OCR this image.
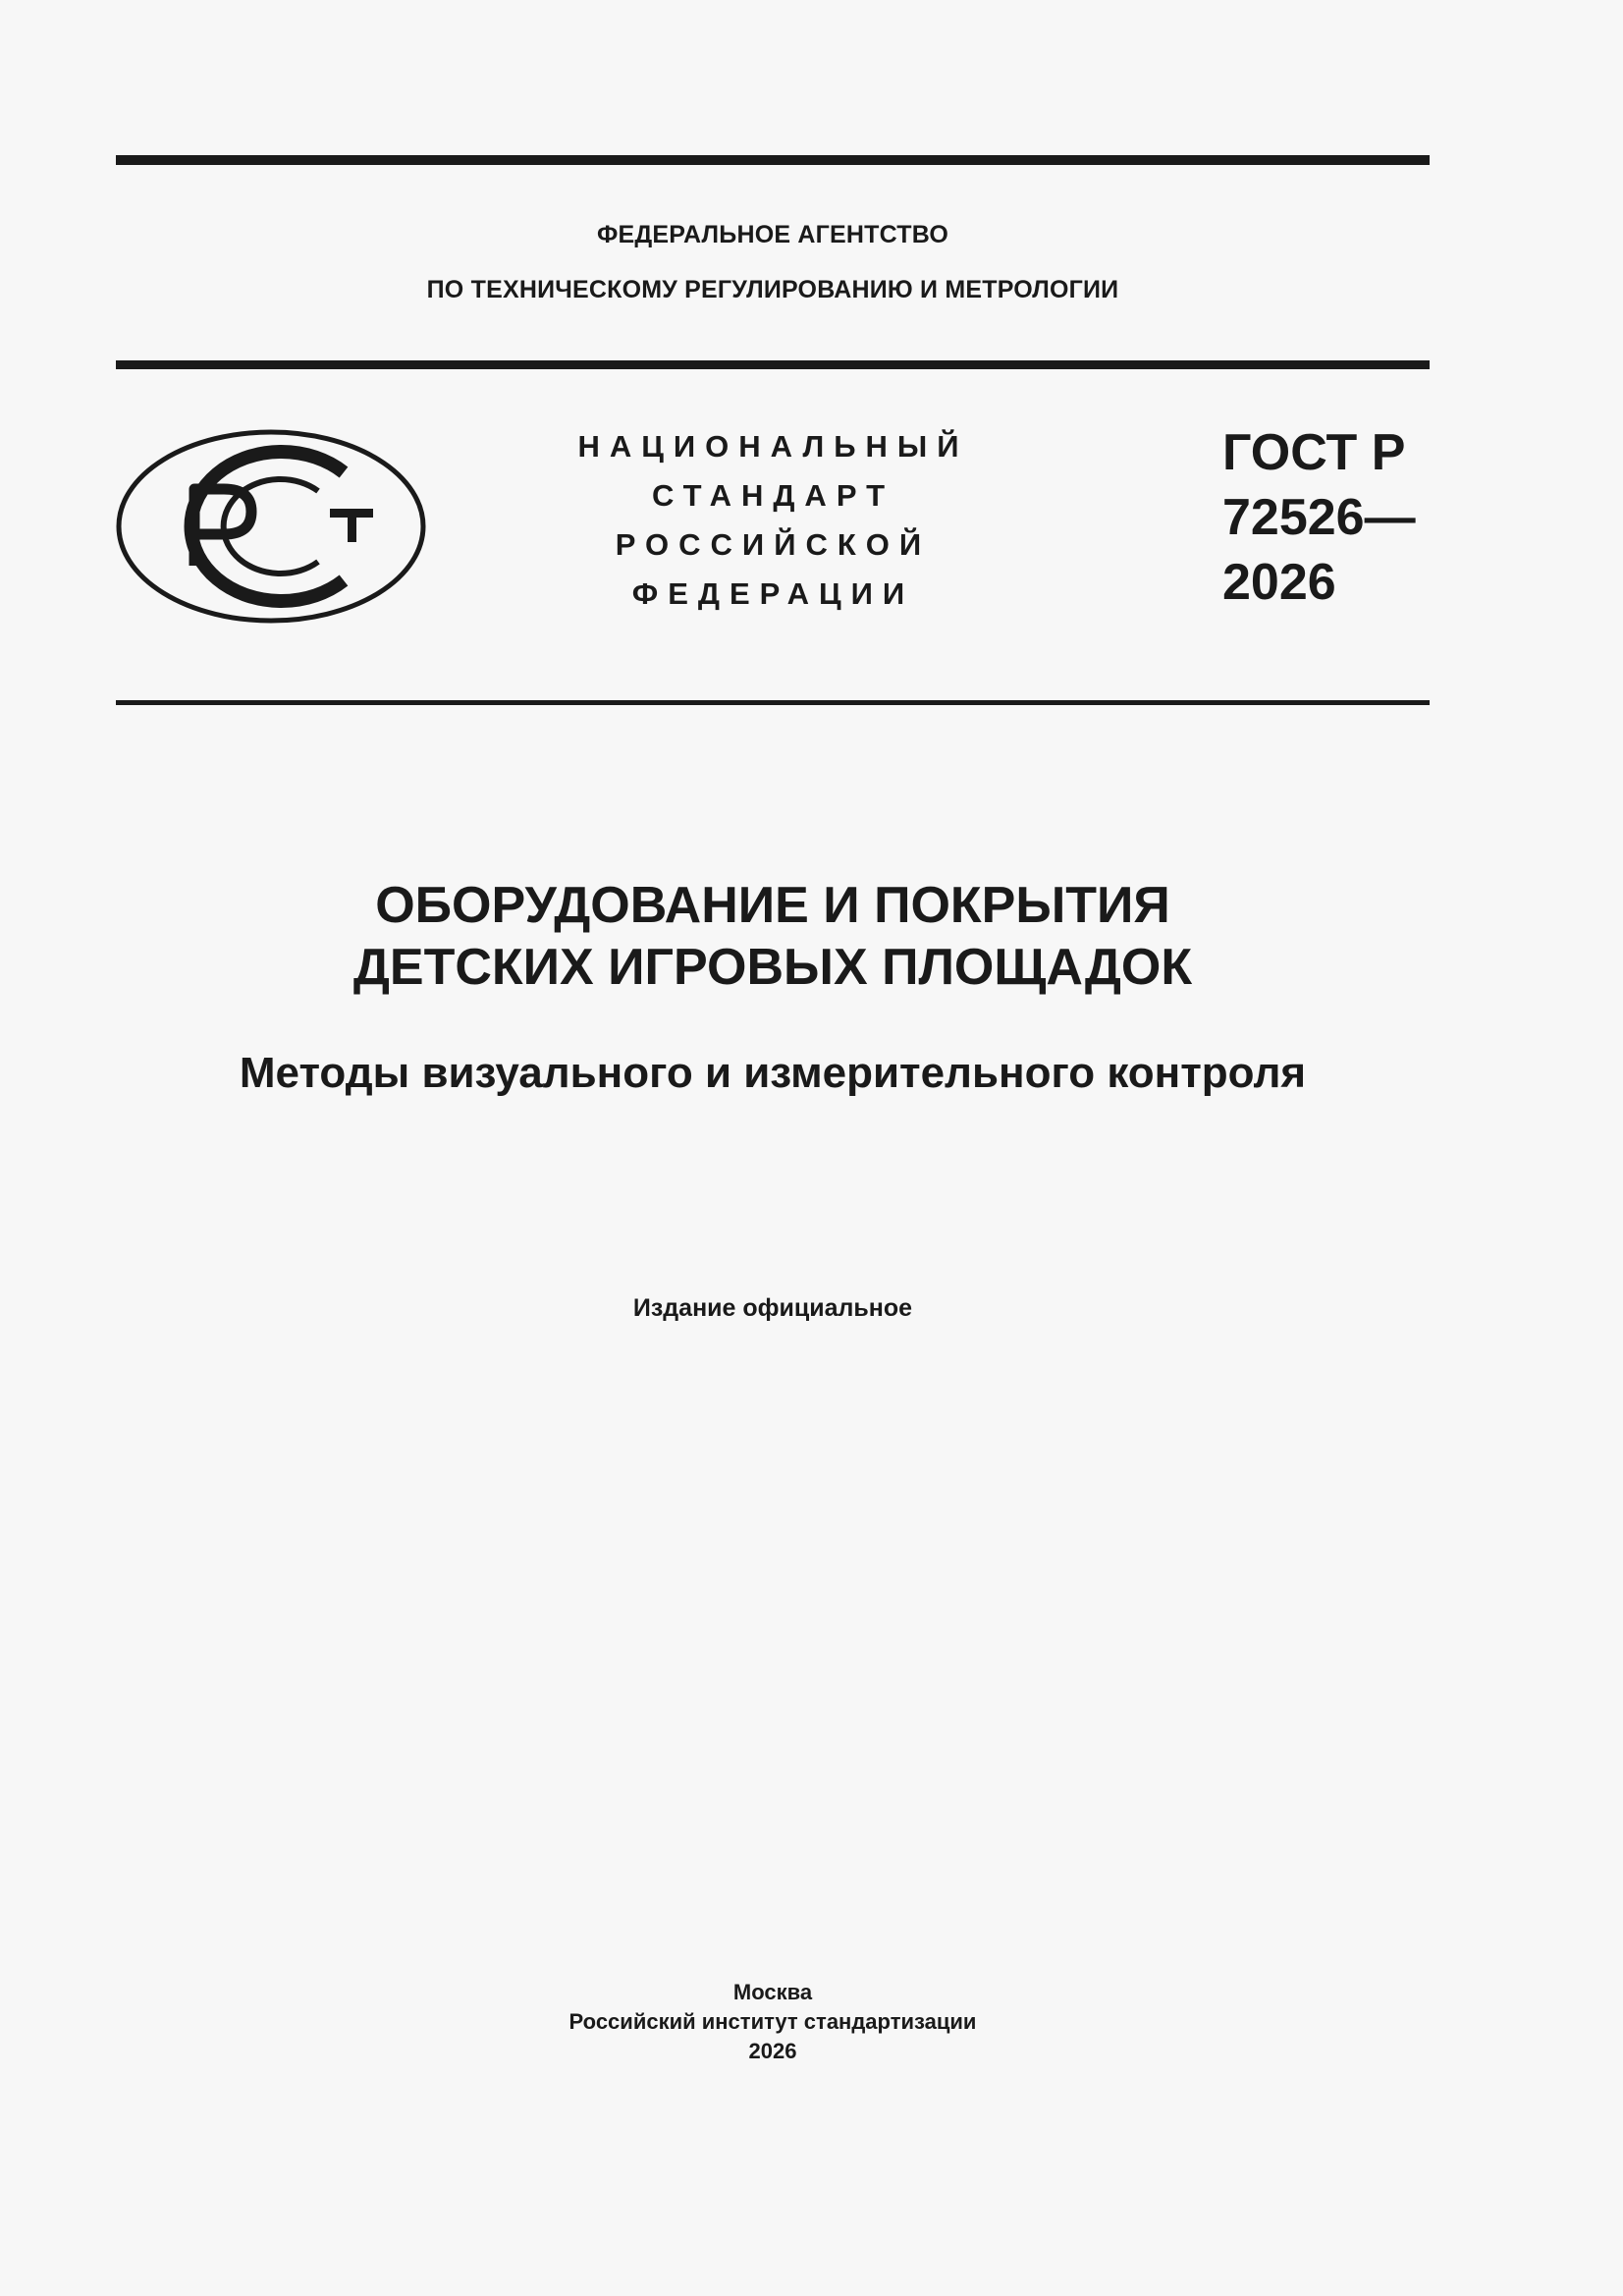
ФЕДЕРАЛЬНОЕ АГЕНТСТВО
ПО ТЕХНИЧЕСКОМУ РЕГУЛИРОВАНИЮ И МЕТРОЛОГИИ
НАЦИОНАЛЬНЫЙ
СТАНДАРТ
РОССИЙСКОЙ
ФЕДЕРАЦИИ
ГОСТ Р
72526—
2026
ОБОРУДОВАНИЕ И ПОКРЫТИЯ
ДЕТСКИХ ИГРОВЫХ ПЛОЩАДОК
Методы визуального и измерительного контроля
Издание официальное
Москва
Российский институт стандартизации
2026
